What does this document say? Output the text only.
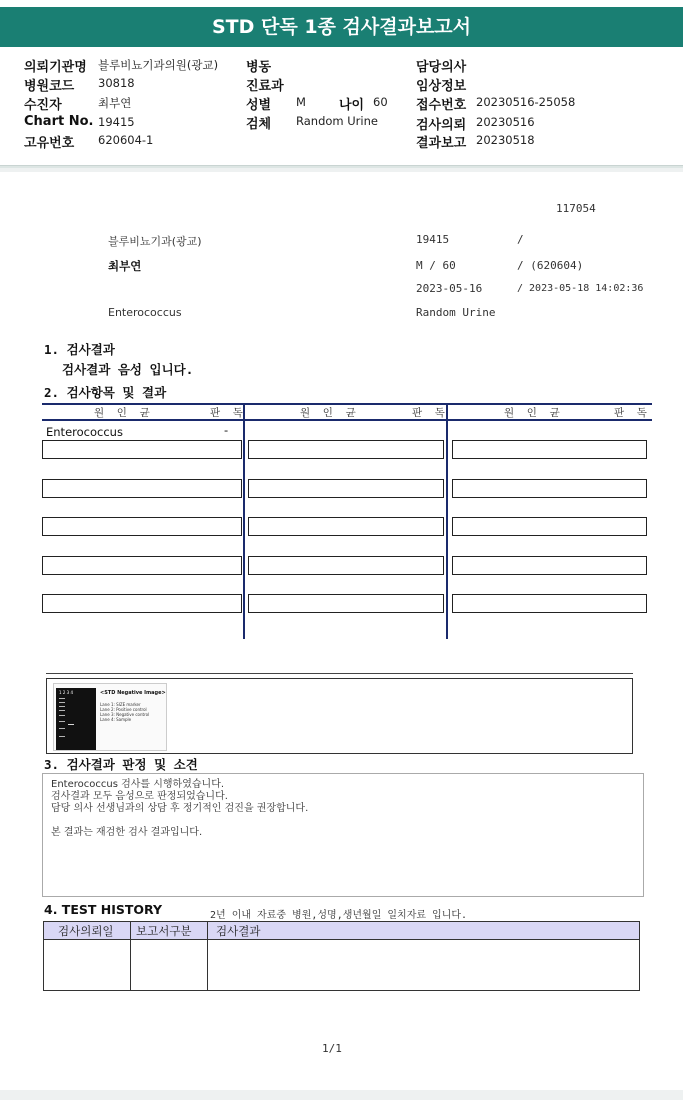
STD 단독 1종 검사결과보고서
의뢰기관명 블루비뇨기과의원(광교)
병원코드 30818
수진자	최부연
Chart No. 19415
고유번호 620604-1
병동
진료과
성별 M	나이 60
검체 Random Urine
담당의사
임상정보
접수번호 20230516-25058
검사의뢰 20230516
결과보고 20230518
117054
블루비뇨기과(광교)	19415	/
최부연	M / 60	/ (620604)
2023-05-16	/ 2023-05-18 14:02:36
Enterococcus	Random Urine
1. 검사결과
검사결과 음성 입니다.
2. 검사항목 및 결과
원  인  균	판  독	원  인  균	판  독	원  인  균	판  독
Enterococcus	-
1 2 3 4	<STD Negative Image>
Lane 1: SIZE marker
Lane 2: Positive control
Lane 3: Negative control
Lane 4: Sample
3. 검사결과 판정 및 소견
Enterococcus 검사를 시행하였습니다.
검사결과 모두 음성으로 판정되었습니다.
담당 의사 선생님과의 상담 후 정기적인 검진을 권장합니다.
본 결과는 재검한 검사 결과입니다.
4. TEST HISTORY	2년 이내 자료중 병원,성명,생년월일 일치자료 입니다.
검사의뢰일 보고서구분 검사결과
1/1
